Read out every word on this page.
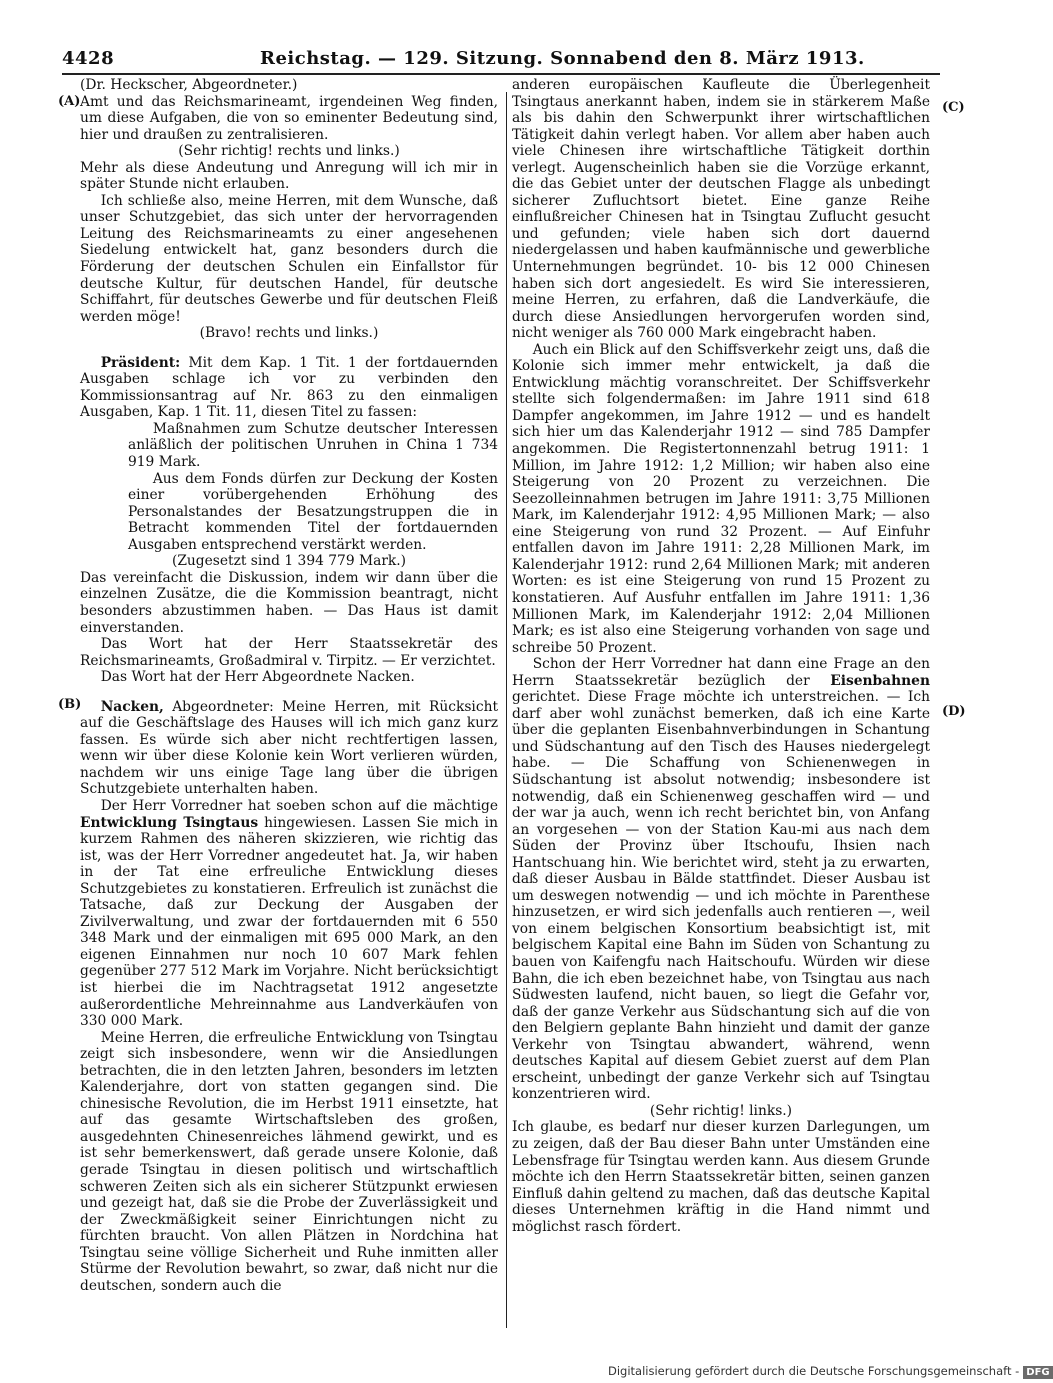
4428	Reichstag. — 129. Sitzung. Sonnabend den 8. März 1913.
(A)
(B)
(C)
(D)

(Dr. Heckscher, Abgeordneter.)

Amt und das Reichsmarineamt, irgendeinen Weg finden, um diese Aufgaben, die von so eminenter Bedeutung sind, hier und draußen zu zentralisieren.

(Sehr richtig! rechts und links.)

Mehr als diese Andeutung und Anregung will ich mir in später Stunde nicht erlauben.

Ich schließe also, meine Herren, mit dem Wunsche, daß unser Schutzgebiet, das sich unter der hervorragenden Leitung des Reichsmarineamts zu einer angesehenen Siedelung entwickelt hat, ganz besonders durch die Förderung der deutschen Schulen ein Einfallstor für deutsche Kultur, für deutschen Handel, für deutsche Schiffahrt, für deutsches Gewerbe und für deutschen Fleiß werden möge!

(Bravo! rechts und links.)

Präsident: Mit dem Kap. 1 Tit. 1 der fortdauernden Ausgaben schlage ich vor zu verbinden den Kommissionsantrag auf Nr. 863 zu den einmaligen Ausgaben, Kap. 1 Tit. 11, diesen Titel zu fassen:

Maßnahmen zum Schutze deutscher Interessen anläßlich der politischen Unruhen in China 1 734 919 Mark.

Aus dem Fonds dürfen zur Deckung der Kosten einer vorübergehenden Erhöhung des Personalstandes der Besatzungstruppen die in Betracht kommenden Titel der fortdauernden Ausgaben entsprechend verstärkt werden.

(Zugesetzt sind 1 394 779 Mark.)

Das vereinfacht die Diskussion, indem wir dann über die einzelnen Zusätze, die die Kommission beantragt, nicht besonders abzustimmen haben. — Das Haus ist damit einverstanden.

Das Wort hat der Herr Staatssekretär des Reichsmarineamts, Großadmiral v. Tirpitz. — Er verzichtet.

Das Wort hat der Herr Abgeordnete Nacken.

Nacken, Abgeordneter: Meine Herren, mit Rücksicht auf die Geschäftslage des Hauses will ich mich ganz kurz fassen. Es würde sich aber nicht rechtfertigen lassen, wenn wir über diese Kolonie kein Wort verlieren würden, nachdem wir uns einige Tage lang über die übrigen Schutzgebiete unterhalten haben.

Der Herr Vorredner hat soeben schon auf die mächtige Entwicklung Tsingtaus hingewiesen. Lassen Sie mich in kurzem Rahmen des näheren skizzieren, wie richtig das ist, was der Herr Vorredner angedeutet hat. Ja, wir haben in der Tat eine erfreuliche Entwicklung dieses Schutzgebietes zu konstatieren. Erfreulich ist zunächst die Tatsache, daß zur Deckung der Ausgaben der Zivilverwaltung, und zwar der fortdauernden mit 6 550 348 Mark und der einmaligen mit 695 000 Mark, an den eigenen Einnahmen nur noch 10 607 Mark fehlen gegenüber 277 512 Mark im Vorjahre. Nicht berücksichtigt ist hierbei die im Nachtragsetat 1912 angesetzte außerordentliche Mehreinnahme aus Landverkäufen von 330 000 Mark.

Meine Herren, die erfreuliche Entwicklung von Tsingtau zeigt sich insbesondere, wenn wir die Ansiedlungen betrachten, die in den letzten Jahren, besonders im letzten Kalenderjahre, dort von statten gegangen sind. Die chinesische Revolution, die im Herbst 1911 einsetzte, hat auf das gesamte Wirtschaftsleben des großen, ausgedehnten Chinesenreiches lähmend gewirkt, und es ist sehr bemerkenswert, daß gerade unsere Kolonie, daß gerade Tsingtau in diesen politisch und wirtschaftlich schweren Zeiten sich als ein sicherer Stützpunkt erwiesen und gezeigt hat, daß sie die Probe der Zuverlässigkeit und der Zweckmäßigkeit seiner Einrichtungen nicht zu fürchten braucht. Von allen Plätzen in Nordchina hat Tsingtau seine völlige Sicherheit und Ruhe inmitten aller Stürme der Revolution bewahrt, so zwar, daß nicht nur die deutschen, sondern auch die

anderen europäischen Kaufleute die Überlegenheit Tsingtaus anerkannt haben, indem sie in stärkerem Maße als bis dahin den Schwerpunkt ihrer wirtschaftlichen Tätigkeit dahin verlegt haben. Vor allem aber haben auch viele Chinesen ihre wirtschaftliche Tätigkeit dorthin verlegt. Augenscheinlich haben sie die Vorzüge erkannt, die das Gebiet unter der deutschen Flagge als unbedingt sicherer Zufluchtsort bietet. Eine ganze Reihe einflußreicher Chinesen hat in Tsingtau Zuflucht gesucht und gefunden; viele haben sich dort dauernd niedergelassen und haben kaufmännische und gewerbliche Unternehmungen begründet. 10- bis 12 000 Chinesen haben sich dort angesiedelt. Es wird Sie interessieren, meine Herren, zu erfahren, daß die Landverkäufe, die durch diese Ansiedlungen hervorgerufen worden sind, nicht weniger als 760 000 Mark eingebracht haben.

Auch ein Blick auf den Schiffsverkehr zeigt uns, daß die Kolonie sich immer mehr entwickelt, ja daß die Entwicklung mächtig voranschreitet. Der Schiffsverkehr stellte sich folgendermaßen: im Jahre 1911 sind 618 Dampfer angekommen, im Jahre 1912 — und es handelt sich hier um das Kalenderjahr 1912 — sind 785 Dampfer angekommen. Die Registertonnenzahl betrug 1911: 1 Million, im Jahre 1912: 1,2 Million; wir haben also eine Steigerung von 20 Prozent zu verzeichnen. Die Seezolleinnahmen betrugen im Jahre 1911: 3,75 Millionen Mark, im Kalenderjahr 1912: 4,95 Millionen Mark; — also eine Steigerung von rund 32 Prozent. — Auf Einfuhr entfallen davon im Jahre 1911: 2,28 Millionen Mark, im Kalenderjahr 1912: rund 2,64 Millionen Mark; mit anderen Worten: es ist eine Steigerung von rund 15 Prozent zu konstatieren. Auf Ausfuhr entfallen im Jahre 1911: 1,36 Millionen Mark, im Kalenderjahr 1912: 2,04 Millionen Mark; es ist also eine Steigerung vorhanden von sage und schreibe 50 Prozent.

Schon der Herr Vorredner hat dann eine Frage an den Herrn Staatssekretär bezüglich der Eisenbahnen gerichtet. Diese Frage möchte ich unterstreichen. — Ich darf aber wohl zunächst bemerken, daß ich eine Karte über die geplanten Eisenbahnverbindungen in Schantung und Südschantung auf den Tisch des Hauses niedergelegt habe. — Die Schaffung von Schienenwegen in Südschantung ist absolut notwendig; insbesondere ist notwendig, daß ein Schienenweg geschaffen wird — und der war ja auch, wenn ich recht berichtet bin, von Anfang an vorgesehen — von der Station Kau-mi aus nach dem Süden der Provinz über Itschoufu, Ihsien nach Hantschuang hin. Wie berichtet wird, steht ja zu erwarten, daß dieser Ausbau in Bälde stattfindet. Dieser Ausbau ist um deswegen notwendig — und ich möchte in Parenthese hinzusetzen, er wird sich jedenfalls auch rentieren —, weil von einem belgischen Konsortium beabsichtigt ist, mit belgischem Kapital eine Bahn im Süden von Schantung zu bauen von Kaifengfu nach Haitschoufu. Würden wir diese Bahn, die ich eben bezeichnet habe, von Tsingtau aus nach Südwesten laufend, nicht bauen, so liegt die Gefahr vor, daß der ganze Verkehr aus Südschantung sich auf die von den Belgiern geplante Bahn hinzieht und damit der ganze Verkehr von Tsingtau abwandert, während, wenn deutsches Kapital auf diesem Gebiet zuerst auf dem Plan erscheint, unbedingt der ganze Verkehr sich auf Tsingtau konzentrieren wird.

(Sehr richtig! links.)

Ich glaube, es bedarf nur dieser kurzen Darlegungen, um zu zeigen, daß der Bau dieser Bahn unter Umständen eine Lebensfrage für Tsingtau werden kann. Aus diesem Grunde möchte ich den Herrn Staatssekretär bitten, seinen ganzen Einfluß dahin geltend zu machen, daß das deutsche Kapital dieses Unternehmen kräftig in die Hand nimmt und möglichst rasch fördert.

Digitalisierung gefördert durch die Deutsche Forschungsgemeinschaft - DFG
